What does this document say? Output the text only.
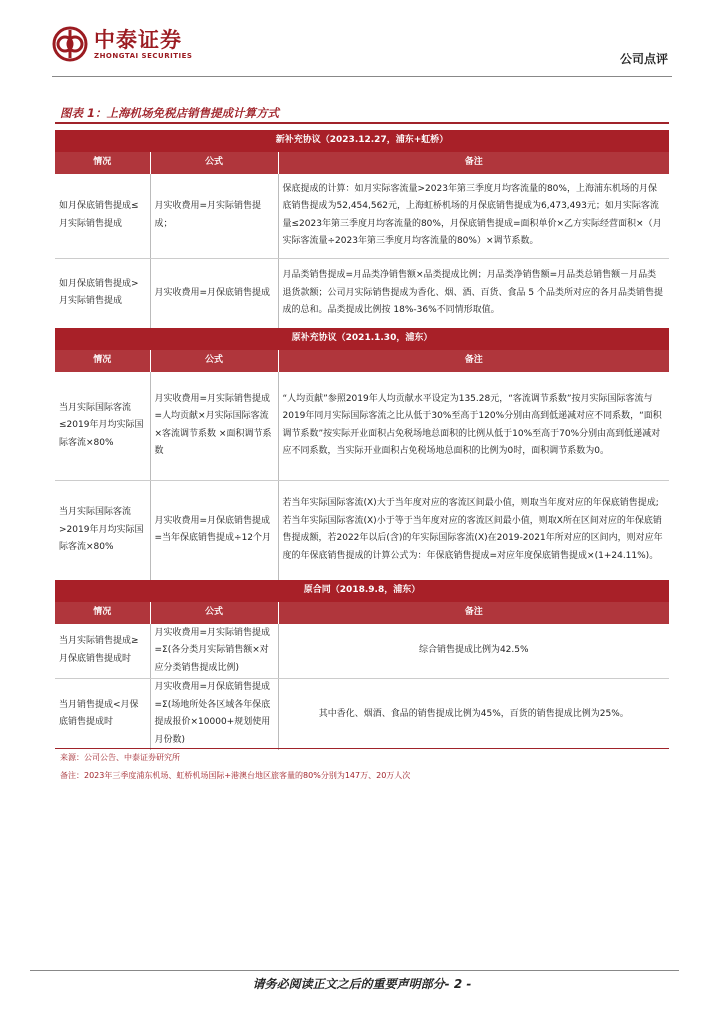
中泰证券
ZHONGTAI SECURITIES	公司点评
图表 1：上海机场免税店销售提成计算方式
新补充协议（2023.12.27，浦东+虹桥）		
情况	公式	备注
如月保底销售提成≤月实际销售提成	月实收费用=月实际销售提成；	保底提成的计算：如月实际客流量>2023年第三季度月均客流量的80%，上海浦东机场的月保底销售提成为52,454,562元，上海虹桥机场的月保底销售提成为6,473,493元；如月实际客流量≤2023年第三季度月均客流量的80%，月保底销售提成=面积单价×乙方实际经营面积×（月实际客流量÷2023年第三季度月均客流量的80%）×调节系数。
如月保底销售提成>月实际销售提成	月实收费用=月保底销售提成	月品类销售提成=月品类净销售额×品类提成比例；月品类净销售额=月品类总销售额－月品类退货款额；公司月实际销售提成为香化、烟、酒、百货、食品 5 个品类所对应的各月品类销售提成的总和。品类提成比例按 18%-36%不同情形取值。
原补充协议（2021.1.30，浦东）		
情况	公式	备注
当月实际国际客流≤2019年月均实际国际客流×80%	月实收费用=月实际销售提成=人均贡献×月实际国际客流×客流调节系数 ×面积调节系数	“人均贡献”参照2019年人均贡献水平设定为135.28元，“客流调节系数”按月实际国际客流与2019年同月实际国际客流之比从低于30%至高于120%分别由高到低递减对应不同系数，“面积调节系数”按实际开业面积占免税场地总面积的比例从低于10%至高于70%分别由高到低递减对应不同系数，当实际开业面积占免税场地总面积的比例为0时，面积调节系数为0。
当月实际国际客流>2019年月均实际国际客流×80%	月实收费用=月保底销售提成=当年保底销售提成÷12个月	若当年实际国际客流(X)大于当年度对应的客流区间最小值，则取当年度对应的年保底销售提成;若当年实际国际客流(X)小于等于当年度对应的客流区间最小值，则取X所在区间对应的年保底销售提成额，若2022年以后(含)的年实际国际客流(X)在2019-2021年所对应的区间内，则对应年度的年保底销售提成的计算公式为：年保底销售提成=对应年度保底销售提成×(1+24.11%)。
原合同（2018.9.8，浦东）		
情况	公式	备注
当月实际销售提成≥月保底销售提成时	月实收费用=月实际销售提成=Σ(各分类月实际销售额×对应分类销售提成比例)	综合销售提成比例为42.5%
当月销售提成<月保底销售提成时	月实收费用=月保底销售提成=Σ(场地所处各区域各年保底提成报价×10000+规划使用月份数)	其中香化、烟酒、食品的销售提成比例为45%，百货的销售提成比例为25%。
来源：公司公告、中泰证券研究所
备注：2023年三季度浦东机场、虹桥机场国际+港澳台地区旅客量的80%分别为147万、20万人次
请务必阅读正文之后的重要声明部分- 2 -
